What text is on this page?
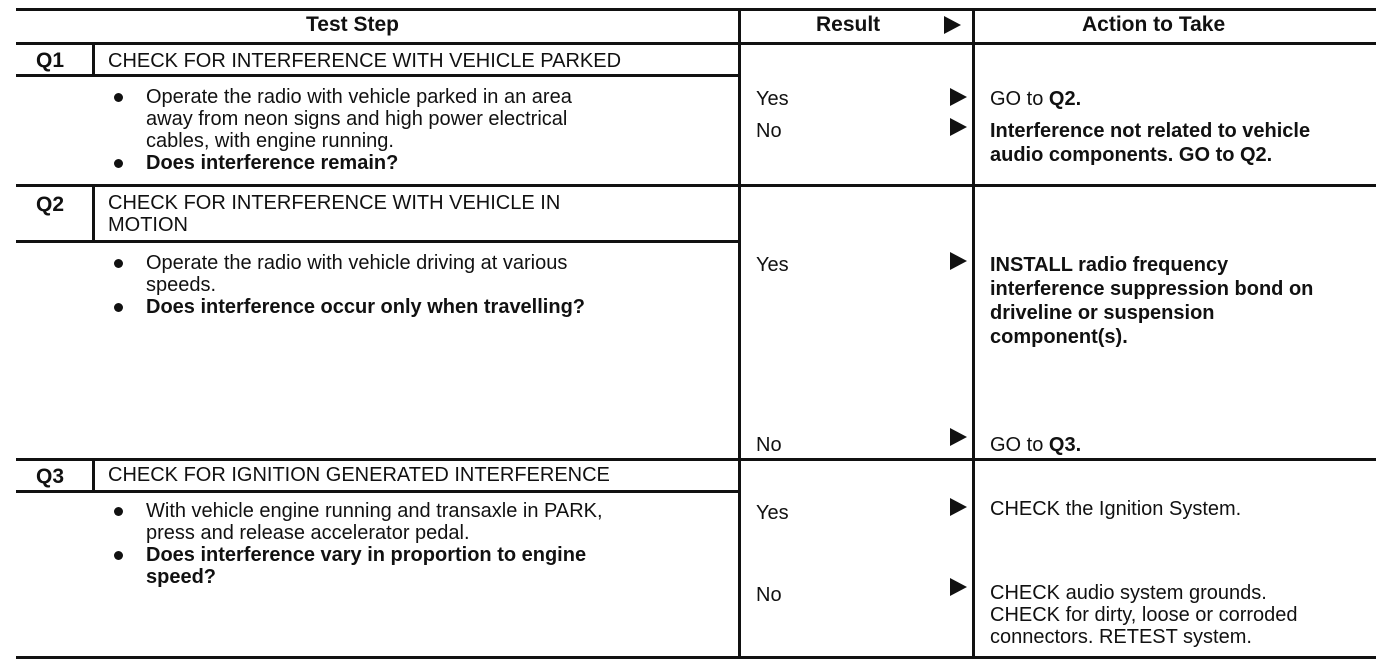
Test Step	Result	Action to Take
Q1 CHECK FOR INTERFERENCE WITH VEHICLE PARKED
Operate the radio with vehicle parked in an area
away from neon signs and high power electrical
cables, with engine running.
Does interference remain?
Yes	GO to Q2.
No	Interference not related to vehicle
audio components. GO to Q2.
Q2 CHECK FOR INTERFERENCE WITH VEHICLE IN
MOTION
Operate the radio with vehicle driving at various
speeds.
Does interference occur only when travelling?
Yes	INSTALL radio frequency
interference suppression bond on
driveline or suspension
component(s).
No	GO to Q3.
Q3 CHECK FOR IGNITION GENERATED INTERFERENCE
With vehicle engine running and transaxle in PARK,
press and release accelerator pedal.
Does interference vary in proportion to engine
speed?
Yes	CHECK the Ignition System.
No	CHECK audio system grounds.
CHECK for dirty, loose or corroded
connectors. RETEST system.
